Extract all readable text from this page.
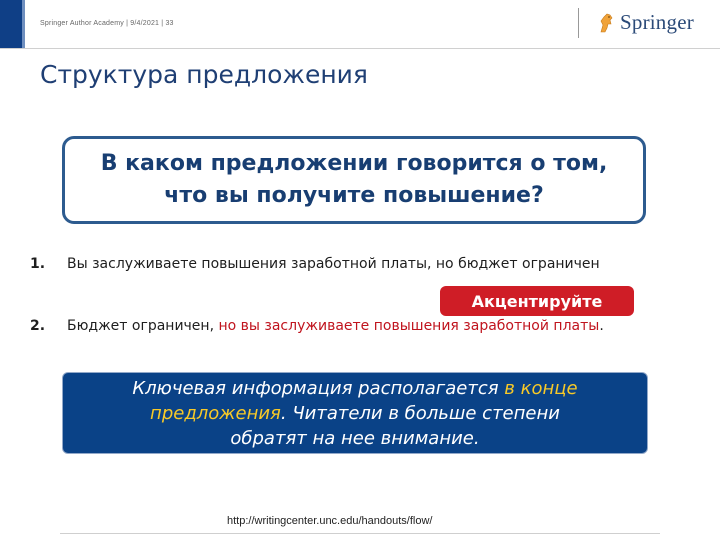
Springer Author Academy | 9/4/2021 | 33	Springer
Структура предложения
В каком предложении говорится о том,
что вы получите повышение?
1. Вы заслуживаете повышения заработной платы, но бюджет ограничен
Акцентируйте
2. Бюджет ограничен, но вы заслуживаете повышения заработной платы.
Ключевая информация располагается в конце
предложения. Читатели в больше степени
обратят на нее внимание.
http://writingcenter.unc.edu/handouts/flow/
